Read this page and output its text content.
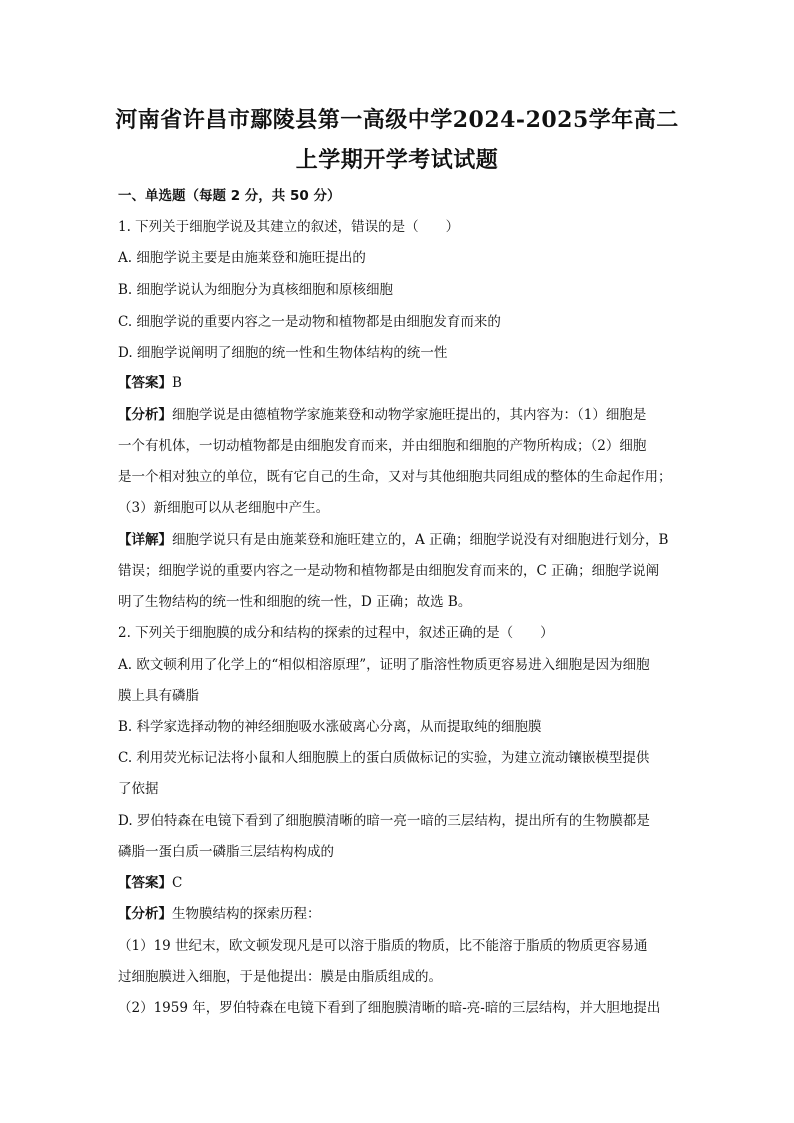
河南省许昌市鄢陵县第一高级中学2024-2025学年高二
上学期开学考试试题
一、单选题（每题 2 分，共 50 分）
1. 下列关于细胞学说及其建立的叙述，错误的是（　　）
A. 细胞学说主要是由施莱登和施旺提出的
B. 细胞学说认为细胞分为真核细胞和原核细胞
C. 细胞学说的重要内容之一是动物和植物都是由细胞发育而来的
D. 细胞学说阐明了细胞的统一性和生物体结构的统一性
【答案】B
【分析】细胞学说是由德植物学家施莱登和动物学家施旺提出的，其内容为：（1）细胞是
一个有机体，一切动植物都是由细胞发育而来，并由细胞和细胞的产物所构成；（2）细胞
是一个相对独立的单位，既有它自己的生命，又对与其他细胞共同组成的整体的生命起作用；
（3）新细胞可以从老细胞中产生。
【详解】细胞学说只有是由施莱登和施旺建立的，A 正确；细胞学说没有对细胞进行划分，B
错误；细胞学说的重要内容之一是动物和植物都是由细胞发育而来的，C 正确；细胞学说阐
明了生物结构的统一性和细胞的统一性，D 正确；故选 B。
2. 下列关于细胞膜的成分和结构的探索的过程中，叙述正确的是（　　）
A. 欧文顿利用了化学上的“相似相溶原理”，证明了脂溶性物质更容易进入细胞是因为细胞
膜上具有磷脂
B. 科学家选择动物的神经细胞吸水涨破离心分离，从而提取纯的细胞膜
C. 利用荧光标记法将小鼠和人细胞膜上的蛋白质做标记的实验，为建立流动镶嵌模型提供
了依据
D. 罗伯特森在电镜下看到了细胞膜清晰的暗一亮一暗的三层结构，提出所有的生物膜都是
磷脂一蛋白质一磷脂三层结构构成的
【答案】C
【分析】生物膜结构的探索历程：
（1）19 世纪末，欧文顿发现凡是可以溶于脂质的物质，比不能溶于脂质的物质更容易通
过细胞膜进入细胞，于是他提出：膜是由脂质组成的。
（2）1959 年，罗伯特森在电镜下看到了细胞膜清晰的暗-亮-暗的三层结构，并大胆地提出
